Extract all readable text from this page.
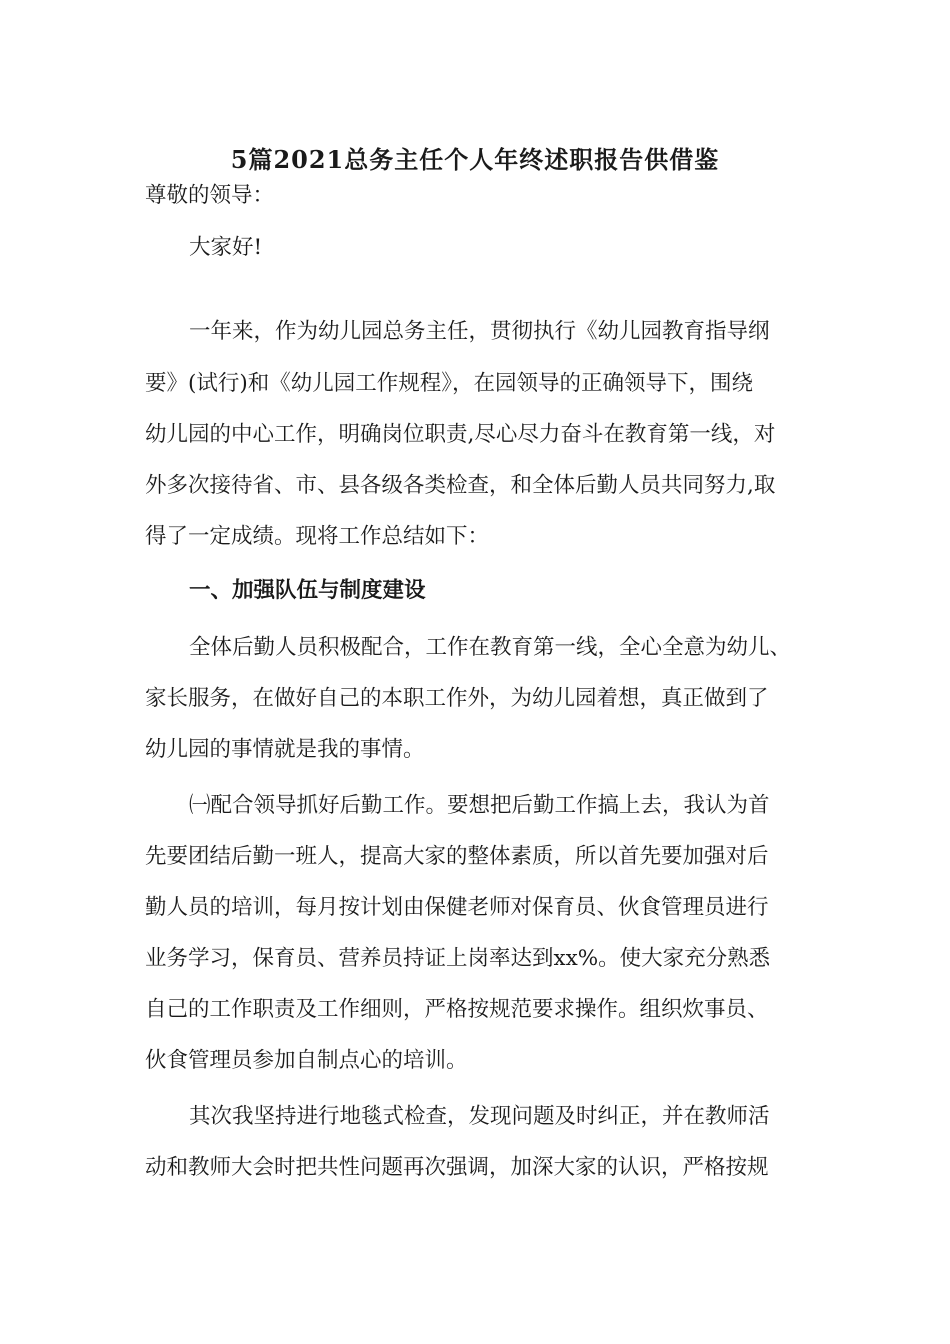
5篇2021总务主任个人年终述职报告供借鉴

尊敬的领导：

大家好!

一年来，作为幼儿园总务主任，贯彻执行《幼儿园教育指导纲

要》(试行)和《幼儿园工作规程》，在园领导的正确领导下，围绕

幼儿园的中心工作，明确岗位职责,尽心尽力奋斗在教育第一线，对

外多次接待省、市、县各级各类检查，和全体后勤人员共同努力,取

得了一定成绩。现将工作总结如下：

一、加强队伍与制度建设

全体后勤人员积极配合，工作在教育第一线，全心全意为幼儿、

家长服务，在做好自己的本职工作外，为幼儿园着想，真正做到了

幼儿园的事情就是我的事情。

㈠配合领导抓好后勤工作。要想把后勤工作搞上去，我认为首

先要团结后勤一班人，提高大家的整体素质，所以首先要加强对后

勤人员的培训，每月按计划由保健老师对保育员、伙食管理员进行

业务学习，保育员、营养员持证上岗率达到xx%。使大家充分熟悉

自己的工作职责及工作细则，严格按规范要求操作。组织炊事员、

伙食管理员参加自制点心的培训。

其次我坚持进行地毯式检查，发现问题及时纠正，并在教师活

动和教师大会时把共性问题再次强调，加深大家的认识，严格按规
